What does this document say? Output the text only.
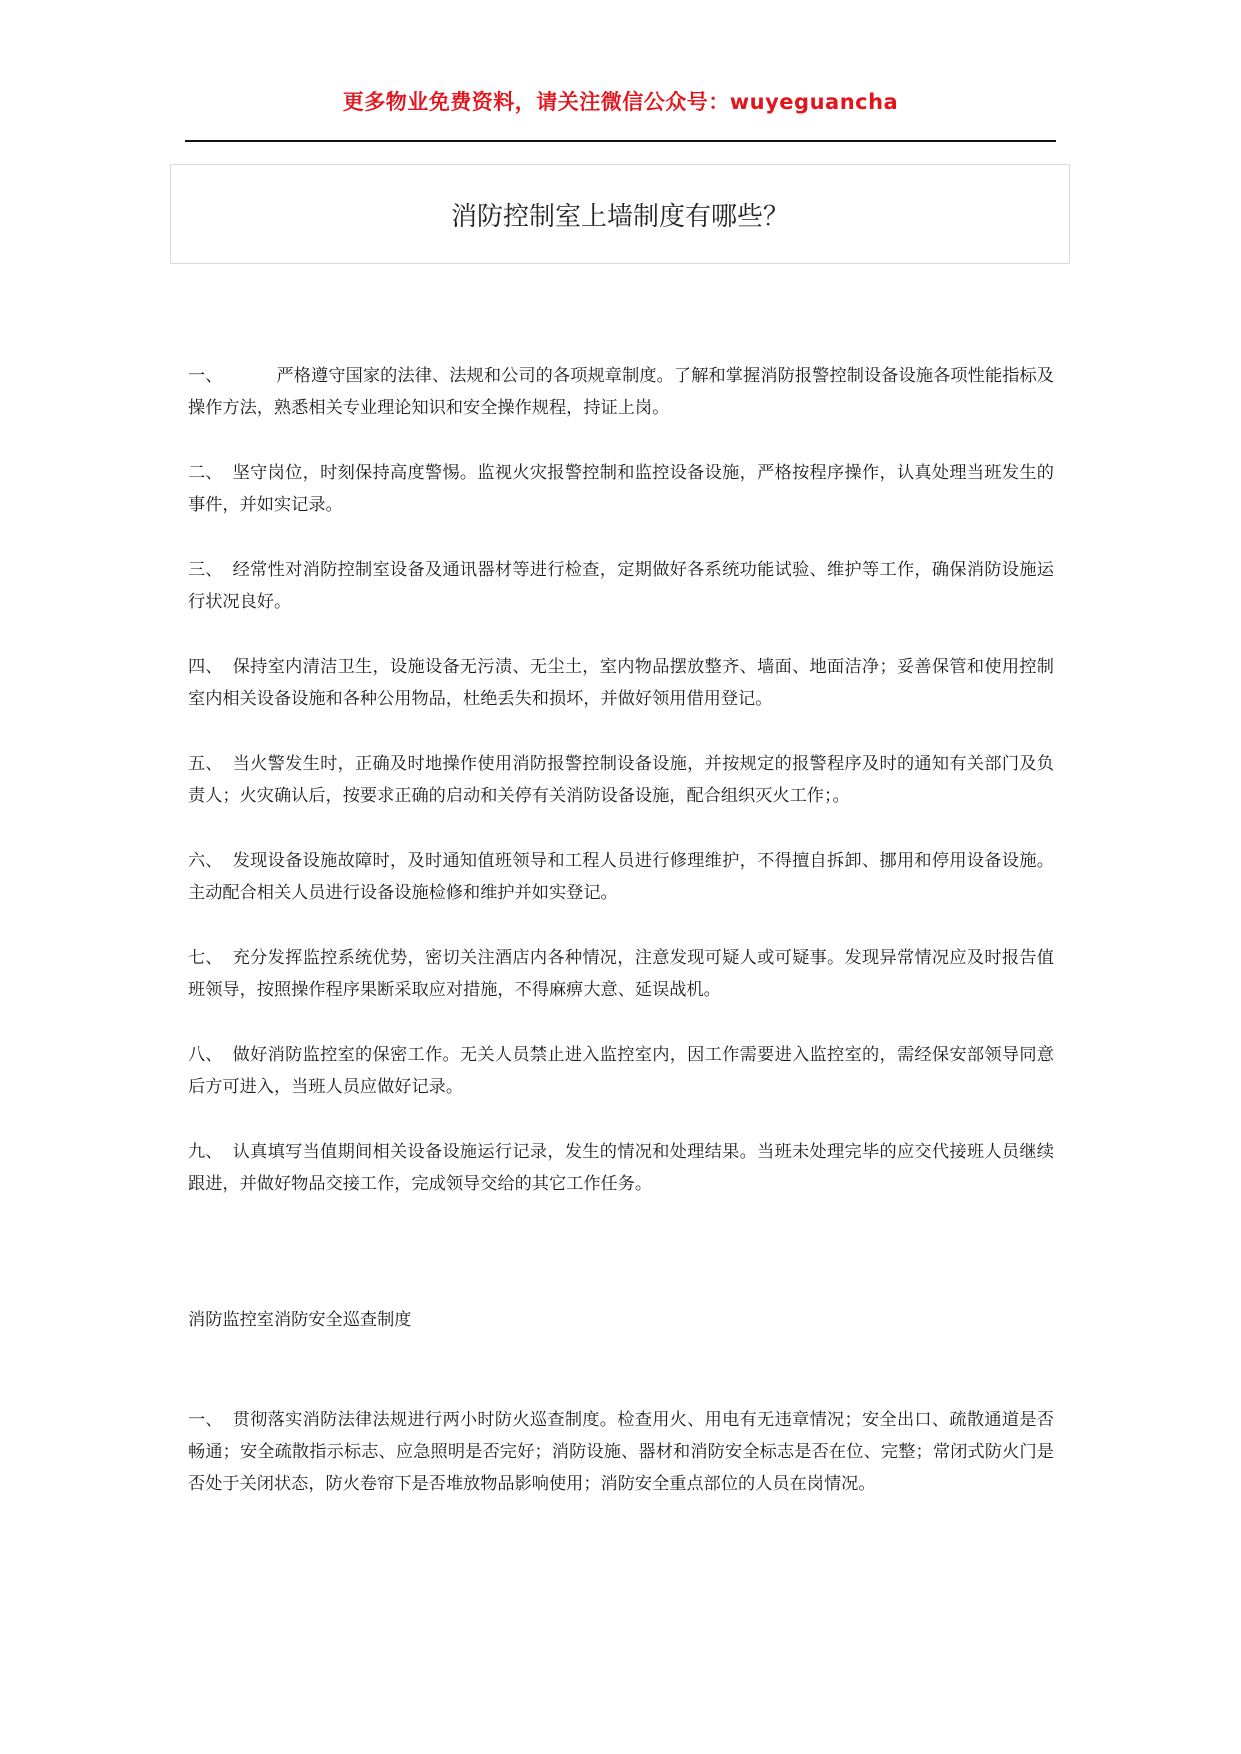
更多物业免费资料，请关注微信公众号：wuyeguancha
消防控制室上墙制度有哪些？

一、	严格遵守国家的法律、法规和公司的各项规章制度。了解和掌握消防报警控制设备设施各项性能指标及操作方法，熟悉相关专业理论知识和安全操作规程，持证上岗。

二、 坚守岗位，时刻保持高度警惕。监视火灾报警控制和监控设备设施，严格按程序操作，认真处理当班发生的事件，并如实记录。

三、 经常性对消防控制室设备及通讯器材等进行检查，定期做好各系统功能试验、维护等工作，确保消防设施运行状况良好。

四、 保持室内清洁卫生，设施设备无污渍、无尘土，室内物品摆放整齐、墙面、地面洁净；妥善保管和使用控制室内相关设备设施和各种公用物品，杜绝丢失和损坏，并做好领用借用登记。

五、 当火警发生时，正确及时地操作使用消防报警控制设备设施，并按规定的报警程序及时的通知有关部门及负责人；火灾确认后，按要求正确的启动和关停有关消防设备设施，配合组织灭火工作；。

六、 发现设备设施故障时，及时通知值班领导和工程人员进行修理维护，不得擅自拆卸、挪用和停用设备设施。主动配合相关人员进行设备设施检修和维护并如实登记。

七、 充分发挥监控系统优势，密切关注酒店内各种情况，注意发现可疑人或可疑事。发现异常情况应及时报告值班领导，按照操作程序果断采取应对措施，不得麻痹大意、延误战机。

八、 做好消防监控室的保密工作。无关人员禁止进入监控室内，因工作需要进入监控室的，需经保安部领导同意后方可进入，当班人员应做好记录。

九、 认真填写当值期间相关设备设施运行记录，发生的情况和处理结果。当班未处理完毕的应交代接班人员继续跟进，并做好物品交接工作，完成领导交给的其它工作任务。

消防监控室消防安全巡查制度

一、 贯彻落实消防法律法规进行两小时防火巡查制度。检查用火、用电有无违章情况；安全出口、疏散通道是否畅通；安全疏散指示标志、应急照明是否完好；消防设施、器材和消防安全标志是否在位、完整；常闭式防火门是否处于关闭状态，防火卷帘下是否堆放物品影响使用；消防安全重点部位的人员在岗情况。
